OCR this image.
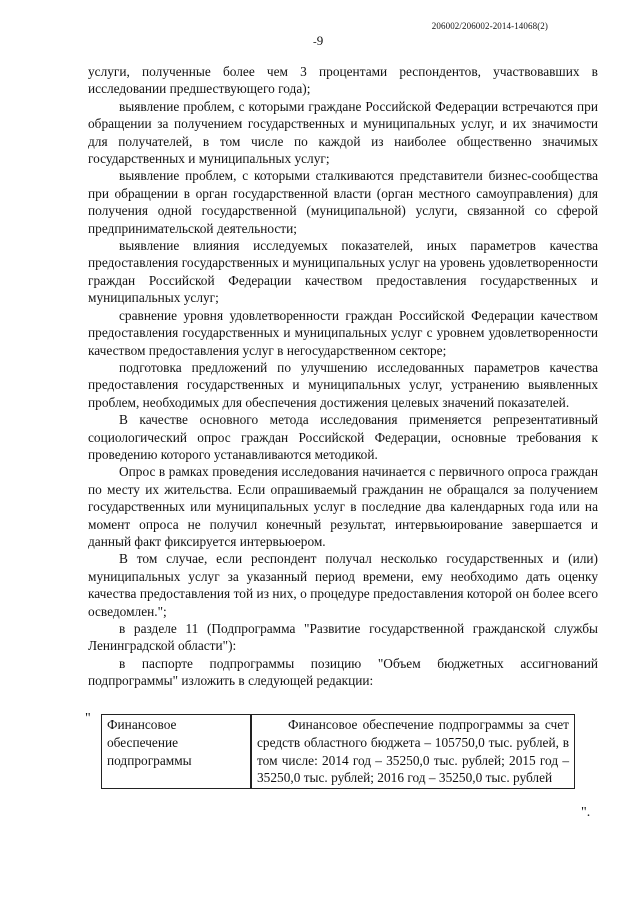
206002/206002-2014-14068(2)
- 9

услуги, полученные более чем 3 процентами респондентов, участвовавших в исследовании предшествующего года);

выявление проблем, с которыми граждане Российской Федерации встречаются при обращении за получением государственных и муниципальных услуг, и их значимости для получателей, в том числе по каждой из наиболее общественно значимых государственных и муниципальных услуг;

выявление проблем, с которыми сталкиваются представители бизнес-сообщества при обращении в орган государственной власти (орган местного самоуправления) для получения одной государственной (муниципальной) услуги, связанной со сферой предпринимательской деятельности;

выявление влияния исследуемых показателей, иных параметров качества предоставления государственных и муниципальных услуг на уровень удовлетворенности граждан Российской Федерации качеством предоставления государственных и муниципальных услуг;

сравнение уровня удовлетворенности граждан Российской Федерации качеством предоставления государственных и муниципальных услуг с уровнем удовлетворенности качеством предоставления услуг в негосударственном секторе;

подготовка предложений по улучшению исследованных параметров качества предоставления государственных и муниципальных услуг, устранению выявленных проблем, необходимых для обеспечения достижения целевых значений показателей.

В качестве основного метода исследования применяется репрезентативный социологический опрос граждан Российской Федерации, основные требования к проведению которого устанавливаются методикой.

Опрос в рамках проведения исследования начинается с первичного опроса граждан по месту их жительства. Если опрашиваемый гражданин не обращался за получением государственных или муниципальных услуг в последние два календарных года или на момент опроса не получил конечный результат, интервьюирование завершается и данный факт фиксируется интервьюером.

В том случае, если респондент получал несколько государственных и (или) муниципальных услуг за указанный период времени, ему необходимо дать оценку качества предоставления той из них, о процедуре предоставления которой он более всего осведомлен.";

в разделе 11 (Подпрограмма "Развитие государственной гражданской службы Ленинградской области"):

в паспорте подпрограммы позицию "Объем бюджетных ассигнований подпрограммы" изложить в следующей редакции:

" Финансовое обеспечение подпрограммы	Финансовое обеспечение подпрограммы за счет средств областного бюджета – 105750,0 тыс. рублей, в том числе: 2014 год – 35250,0 тыс. рублей; 2015 год – 35250,0 тыс. рублей; 2016 год – 35250,0 тыс. рублей
".
